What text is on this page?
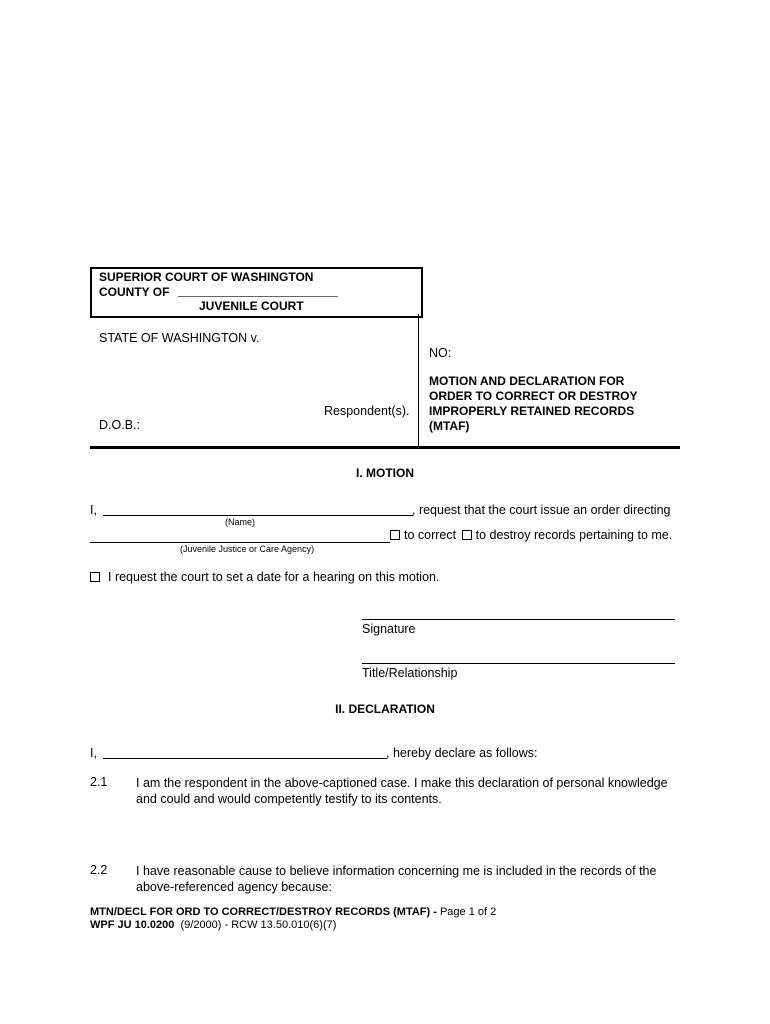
SUPERIOR COURT OF WASHINGTON
COUNTY OF
JUVENILE COURT
STATE OF WASHINGTON v.
Respondent(s).
D.O.B.:
NO:
MOTION AND DECLARATION FOR
ORDER TO CORRECT OR DESTROY
IMPROPERLY RETAINED RECORDS
(MTAF)
I. MOTION
I,	, request that the court issue an order directing
(Name)
to correct to destroy records pertaining to me.
(Juvenile Justice or Care Agency)
I request the court to set a date for a hearing on this motion.
Signature
Title/Relationship
II. DECLARATION
I,	, hereby declare as follows:
2.1 I am the respondent in the above-captioned case. I make this declaration of personal knowledge
and could and would competently testify to its contents.
2.2 I have reasonable cause to believe information concerning me is included in the records of the
above-referenced agency because:
MTN/DECL FOR ORD TO CORRECT/DESTROY RECORDS (MTAF) - Page 1 of 2
WPF JU 10.0200  (9/2000) - RCW 13.50.010(6)(7)
